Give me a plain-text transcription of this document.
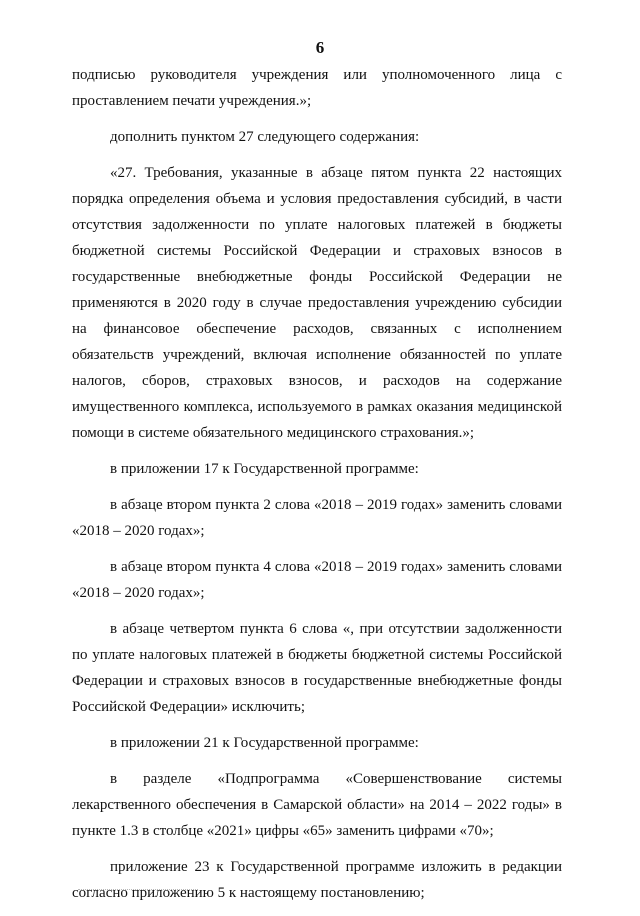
6

подписью руководителя учреждения или уполномоченного лица с проставлением печати учреждения.»;

дополнить пунктом 27 следующего содержания:

«27. Требования, указанные в абзаце пятом пункта 22 настоящих порядка определения объема и условия предоставления субсидий, в части отсутствия задолженности по уплате налоговых платежей в бюджеты бюджетной системы Российской Федерации и страховых взносов в государственные внебюджетные фонды Российской Федерации не применяются в 2020 году в случае предоставления учреждению субсидии на финансовое обеспечение расходов, связанных с исполнением обязательств учреждений, включая исполнение обязанностей по уплате налогов, сборов, страховых взносов, и расходов на содержание имущественного комплекса, используемого в рамках оказания медицинской помощи в системе обязательного медицинского страхования.»;

в приложении 17 к Государственной программе:

в абзаце втором пункта 2 слова «2018 – 2019 годах» заменить словами «2018 – 2020 годах»;

в абзаце втором пункта 4 слова «2018 – 2019 годах» заменить словами «2018 – 2020 годах»;

в абзаце четвертом пункта 6 слова «, при отсутствии задолженности по уплате налоговых платежей в бюджеты бюджетной системы Российской Федерации и страховых взносов в государственные внебюджетные фонды Российской Федерации» исключить;

в приложении 21 к Государственной программе:

в разделе «Подпрограмма «Совершенствование системы лекарственного обеспечения в Самарской области» на 2014 – 2022 годы» в пункте 1.3 в столбце «2021» цифры «65» заменить цифрами «70»;

приложение 23 к Государственной программе изложить в редакции согласно приложению 5 к настоящему постановлению;
